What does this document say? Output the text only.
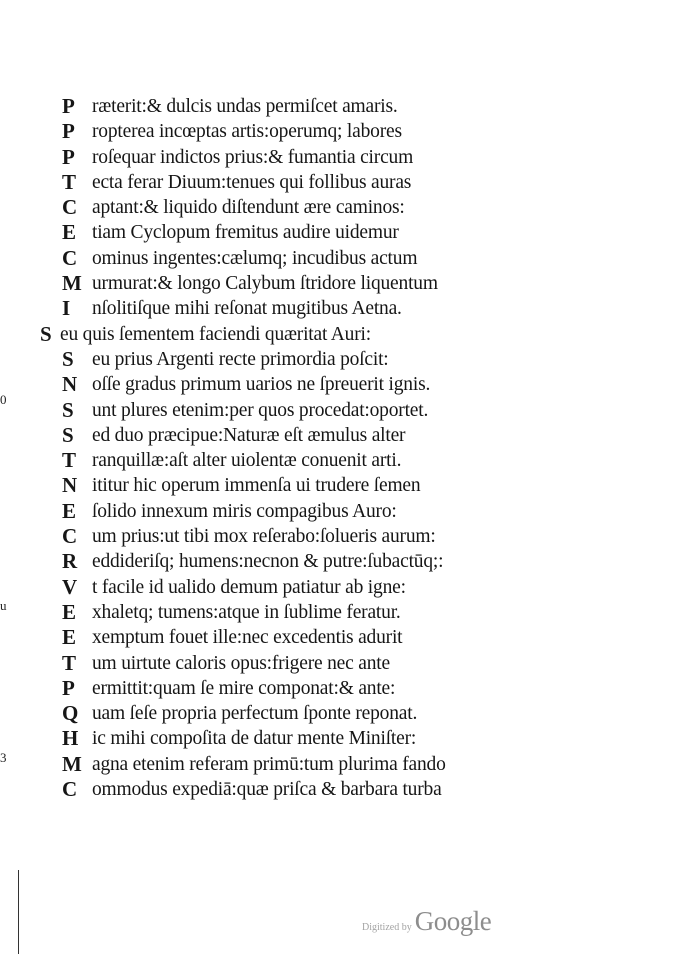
0
u
3
P ræterit:& dulcis undas permiſcet amaris.
P ropterea incœptas artis:operumq; labores
P roſequar indictos prius:& fumantia circum
T ecta ferar Diuum:tenues qui follibus auras
C aptant:& liquido diſtendunt ære caminos:
E tiam Cyclopum fremitus audire uidemur
C ominus ingentes:cælumq; incudibus actum
M urmurat:& longo Calybum ſtridore liquentum
I nſolitiſque mihi reſonat mugitibus Aetna.
S eu quis ſementem faciendi quæritat Auri:
S eu prius Argenti recte primordia poſcit:
N oſſe gradus primum uarios ne ſpreuerit ignis.
S unt plures etenim:per quos procedat:oportet.
S ed duo præcipue:Naturæ eſt æmulus alter
T ranquillæ:aſt alter uiolentæ conuenit arti.
N ititur hic operum immenſa ui trudere ſemen
E ſolido innexum miris compagibus Auro:
C um prius:ut tibi mox reſerabo:ſolueris aurum:
R eddideriſq; humens:necnon & putre:ſubactūq;:
V t facile id ualido demum patiatur ab igne:
E xhaletq; tumens:atque in ſublime feratur.
E xemptum fouet ille:nec excedentis adurit
T um uirtute caloris opus:frigere nec ante
P ermittit:quam ſe mire componat:& ante:
Q uam ſeſe propria perfectum ſponte reponat.
H ic mihi compoſita de datur mente Miniſter:
M agna etenim referam primū:tum plurima fando
C ommodus expediā:quæ priſca & barbara turba
Digitized by Google
